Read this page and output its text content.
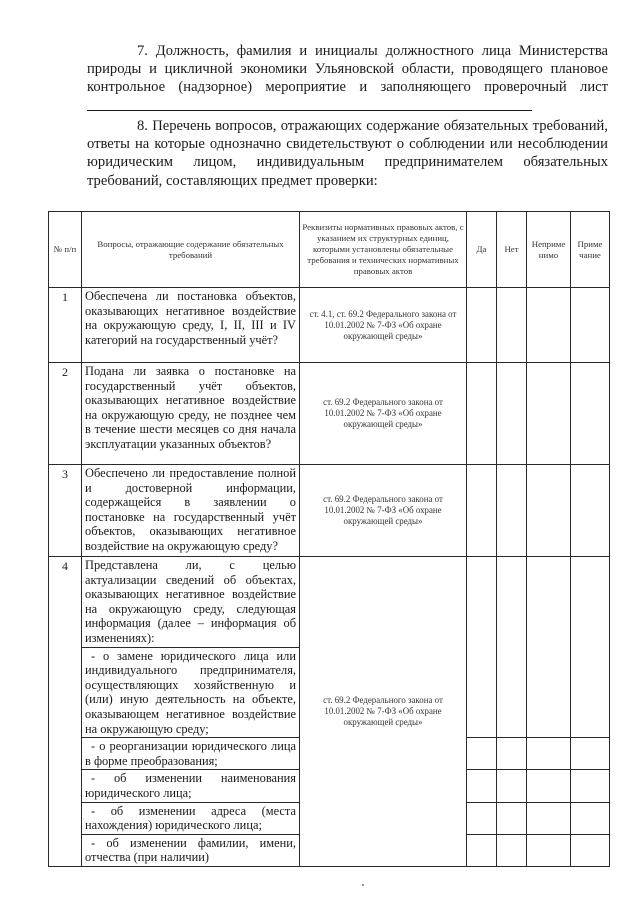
7. Должность, фамилия и инициалы должностного лица Министерства природы и цикличной экономики Ульяновской области, проводящего плановое контрольное (надзорное) мероприятие и заполняющего проверочный лист

8. Перечень вопросов, отражающих содержание обязательных требований, ответы на которые однозначно свидетельствуют о соблюдении или несоблюдении юридическим лицом, индивидуальным предпринимателем обязательных требований, составляющих предмет проверки:

№ п/п	Вопросы, отражающие содержание обязательных требований	Реквизиты нормативных правовых актов, с указанием их структурных единиц, которыми установлены обязательные требования и технических нормативных правовых актов	Да	Нет	Неприме нимо	Приме чание
1	Обеспечена ли постановка объектов, оказывающих негативное воздействие на окружающую среду, I, II, III и IV категорий на государственный учёт?	ст. 4.1, ст. 69.2 Федерального закона от 10.01.2002 № 7-ФЗ «Об охране окружающей среды»				
2	Подана ли заявка о постановке на государственный учёт объектов, оказывающих негативное воздействие на окружающую среду, не позднее чем в течение шести месяцев со дня начала эксплуатации указанных объектов?	ст. 69.2 Федерального закона от 10.01.2002 № 7-ФЗ «Об охране окружающей среды»				
3	Обеспечено ли предоставление полной и достоверной информации, содержащейся в заявлении о постановке на государственный учёт объектов, оказывающих негативное воздействие на окружающую среду?	ст. 69.2 Федерального закона от 10.01.2002 № 7-ФЗ «Об охране окружающей среды»				
4	Представлена ли, с целью актуализации сведений об объектах, оказывающих негативное воздействие на окружающую среду, следующая информация (далее – информация об изменениях):	ст. 69.2 Федерального закона от 10.01.2002 № 7-ФЗ «Об охране окружающей среды»				

	- о замене юридического лица или индивидуального предпринимателя, осуществляющих хозяйственную и (или) иную деятельность на объекте, оказывающем негативное воздействие на окружающую среду;					

	- о реорганизации юридического лица в форме преобразования;					

	- об изменении наименования юридического лица;					

	- об изменении адреса (места нахождения) юридического лица;					

	- об изменении фамилии, имени, отчества (при наличии)					
